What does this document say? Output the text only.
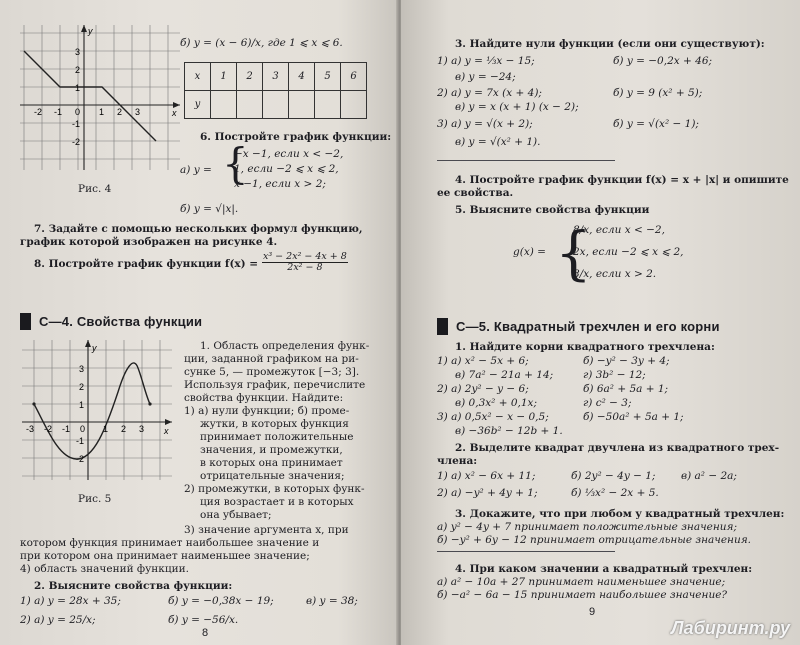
y
x
3
2
1
-1
-2
0 1 2 3
-1
-2
Рис. 4
б) y = (x − 6)/x, где 1 ⩽ x ⩽ 6.
x	1	2	3	4	5	6
y						
6. Постройте график функции:
а) y = {
−x −1, если x < −2,
1, если −2 ⩽ x ⩽ 2,
x −1, если x > 2;
б) y = √|x|.
7. Задайте с помощью нескольких формул функцию,
график которой изображен на рисунке 4.
8. Постройте график функции $f(x) = \frac{\text{x³ − 2x² − 4x + 8}}{\text{2x² − 8}}$
C—4. Свойства функции
y
x
3
2
1
-1
-2
0 1 2 3
-1
-2
-3
Рис. 5
1. Область определения функ-
ции, заданной графиком на ри-
сунке 5, — промежуток [−3; 3].
Используя график, перечислите
свойства функции. Найдите:
1) а) нули функции; б) проме-
жутки, в которых функция
принимает положительные
значения, и промежутки,
в которых она принимает
отрицательные значения;
2) промежутки, в которых функ-
ция возрастает и в которых
она убывает;
3) значение аргумента x, при
котором функция принимает наибольшее значение и
при котором она принимает наименьшее значение;
4) область значений функции.
2. Выясните свойства функции:
1) а) y = 28x + 35;	б) y = −0,38x − 19;	в) y = 38;
2) а) y = 25/x;	б) y = −56/x.
8
3. Найдите нули функции (если они существуют):
1) а) y = ⅓x − 15;	б) y = −0,2x + 46;
в) y = −24;
2) а) y = 7x (x + 4);	б) y = 9 (x² + 5);
в) y = x (x + 1) (x − 2);
3) а) y = √(x + 2);	б) y = √(x² − 1);
в) y = √(x² + 1).
4. Постройте график функции f(x) = x + |x| и опишите
ее свойства.
5. Выясните свойства функции
g(x) = {
8/x, если x < −2,
2x, если −2 ⩽ x ⩽ 2,
8/x, если x > 2.
C—5. Квадратный трехчлен и его корни
1. Найдите корни квадратного трехчлена:
1) а) x² − 5x + 6;	б) −y² − 3y + 4;
в) 7a² − 21a + 14;	г) 3b² − 12;
2) а) 2y² − y − 6;	б) 6a² + 5a + 1;
в) 0,3x² + 0,1x;	г) c² − 3;
3) а) 0,5x² − x − 0,5;	б) −50a² + 5a + 1;
в) −36b² − 12b + 1.
2. Выделите квадрат двучлена из квадратного трех-
члена:
1) а) x² − 6x + 11;	б) 2y² − 4y − 1; в) a² − 2a;
2) а) −y² + 4y + 1;	б) ⅓x² − 2x + 5.
3. Докажите, что при любом y квадратный трехчлен:
а) y² − 4y + 7 принимает положительные значения;
б) −y² + 6y − 12 принимает отрицательные значения.
4. При каком значении a квадратный трехчлен:
а) a² − 10a + 27 принимает наименьшее значение;
б) −a² − 6a − 15 принимает наибольшее значение?
9
Лабиринт.ру
